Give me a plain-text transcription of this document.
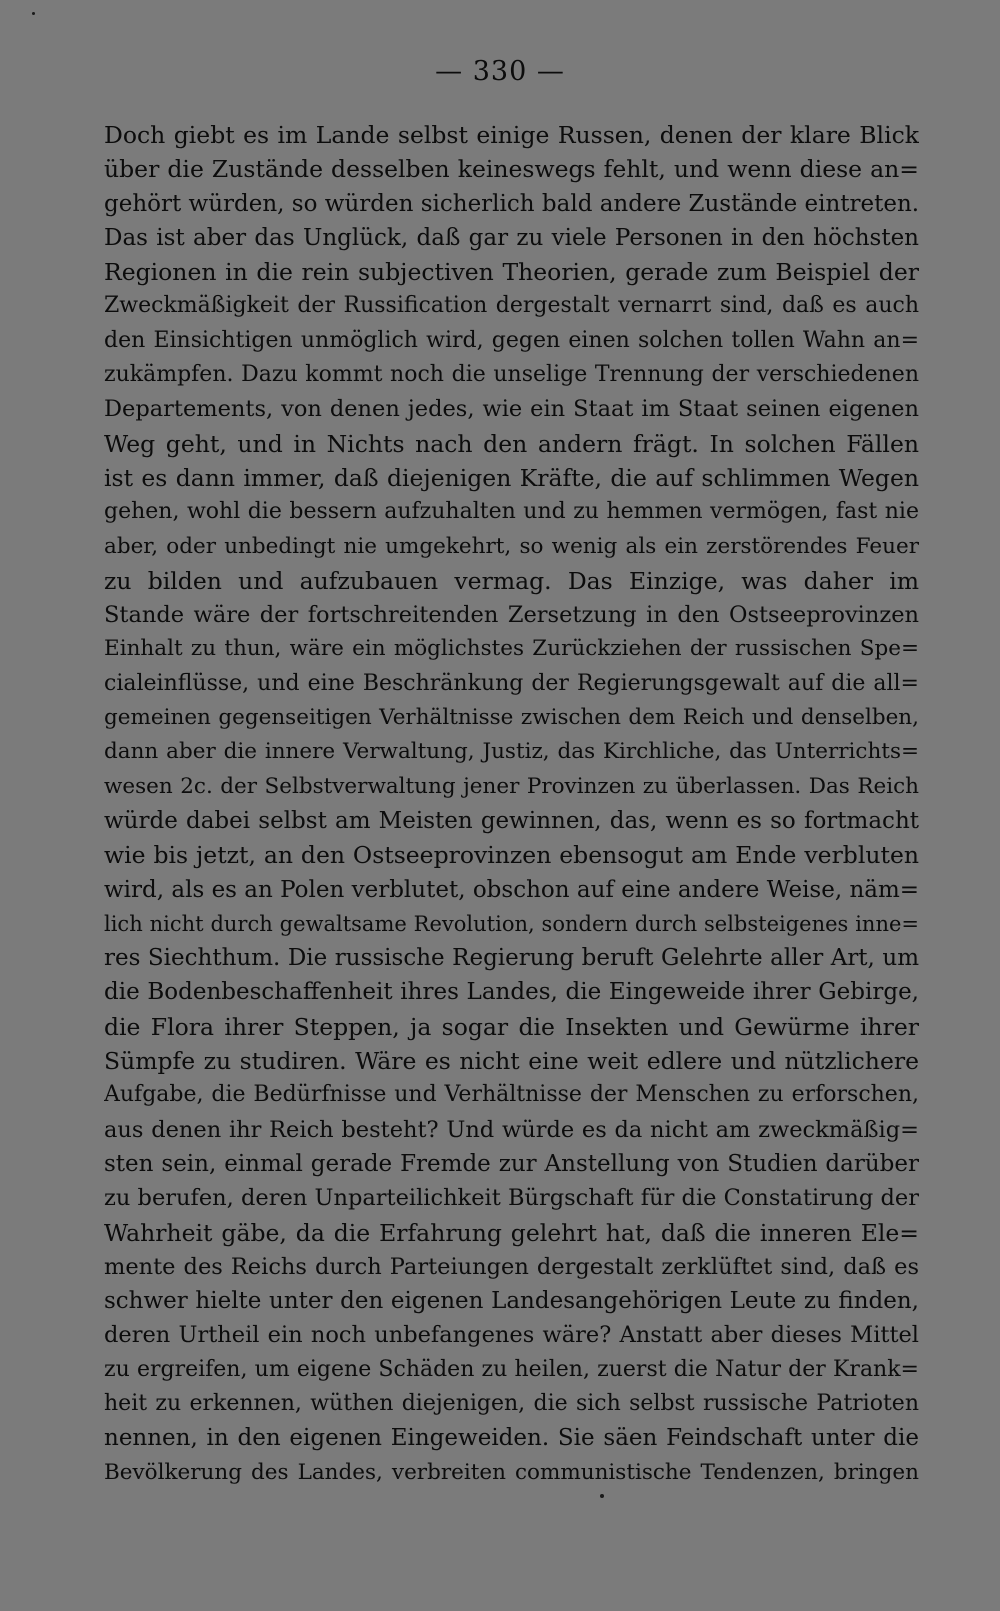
— 330 —
Doch giebt es im Lande selbst einige Russen, denen der klare Blick
über die Zustände desselben keineswegs fehlt, und wenn diese an=
gehört würden, so würden sicherlich bald andere Zustände eintreten.
Das ist aber das Unglück, daß gar zu viele Personen in den höchsten
Regionen in die rein subjectiven Theorien, gerade zum Beispiel der
Zweckmäßigkeit der Russification dergestalt vernarrt sind, daß es auch
den Einsichtigen unmöglich wird, gegen einen solchen tollen Wahn an=
zukämpfen. Dazu kommt noch die unselige Trennung der verschiedenen
Departements, von denen jedes, wie ein Staat im Staat seinen eigenen
Weg geht, und in Nichts nach den andern frägt. In solchen Fällen
ist es dann immer, daß diejenigen Kräfte, die auf schlimmen Wegen
gehen, wohl die bessern aufzuhalten und zu hemmen vermögen, fast nie
aber, oder unbedingt nie umgekehrt, so wenig als ein zerstörendes Feuer
zu bilden und aufzubauen vermag. Das Einzige, was daher im
Stande wäre der fortschreitenden Zersetzung in den Ostseeprovinzen
Einhalt zu thun, wäre ein möglichstes Zurückziehen der russischen Spe=
cialeinflüsse, und eine Beschränkung der Regierungsgewalt auf die all=
gemeinen gegenseitigen Verhältnisse zwischen dem Reich und denselben,
dann aber die innere Verwaltung, Justiz, das Kirchliche, das Unterrichts=
wesen 2c. der Selbstverwaltung jener Provinzen zu überlassen. Das Reich
würde dabei selbst am Meisten gewinnen, das, wenn es so fortmacht
wie bis jetzt, an den Ostseeprovinzen ebensogut am Ende verbluten
wird, als es an Polen verblutet, obschon auf eine andere Weise, näm=
lich nicht durch gewaltsame Revolution, sondern durch selbsteigenes inne=
res Siechthum. Die russische Regierung beruft Gelehrte aller Art, um
die Bodenbeschaffenheit ihres Landes, die Eingeweide ihrer Gebirge,
die Flora ihrer Steppen, ja sogar die Insekten und Gewürme ihrer
Sümpfe zu studiren. Wäre es nicht eine weit edlere und nützlichere
Aufgabe, die Bedürfnisse und Verhältnisse der Menschen zu erforschen,
aus denen ihr Reich besteht? Und würde es da nicht am zweckmäßig=
sten sein, einmal gerade Fremde zur Anstellung von Studien darüber
zu berufen, deren Unparteilichkeit Bürgschaft für die Constatirung der
Wahrheit gäbe, da die Erfahrung gelehrt hat, daß die inneren Ele=
mente des Reichs durch Parteiungen dergestalt zerklüftet sind, daß es
schwer hielte unter den eigenen Landesangehörigen Leute zu finden,
deren Urtheil ein noch unbefangenes wäre? Anstatt aber dieses Mittel
zu ergreifen, um eigene Schäden zu heilen, zuerst die Natur der Krank=
heit zu erkennen, wüthen diejenigen, die sich selbst russische Patrioten
nennen, in den eigenen Eingeweiden. Sie säen Feindschaft unter die
Bevölkerung des Landes, verbreiten communistische Tendenzen, bringen
